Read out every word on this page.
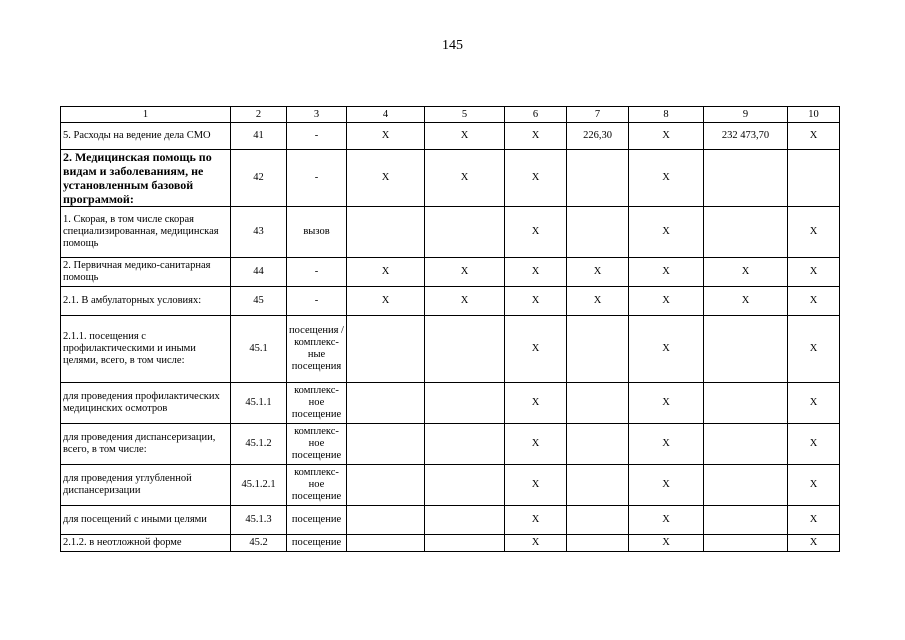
145
1	2	3	4	5	6	7	8	9	10
5. Расходы на ведение дела СМО	41	-	X	X	X	226,30	X	232 473,70	X
2. Медицинская помощь по видам и заболеваниям, не установленным базовой программой:	42	-	X	X	X		X		
1. Скорая, в том числе скорая специализированная, медицинская помощь	43	вызов			X		X		X
2. Первичная медико-санитарная помощь	44	-	X	X	X	X	X	X	X
2.1. В амбулаторных условиях:	45	-	X	X	X	X	X	X	X
2.1.1. посещения с профилактическими и иными целями, всего, в том числе:	45.1	посещения / комплекс-ные посещения			X		X		X
для проведения профилактических медицинских осмотров	45.1.1	комплекс-ное посещение			X		X		X
для проведения диспансеризации, всего, в том числе:	45.1.2	комплекс-ное посещение			X		X		X
для проведения углубленной диспансеризации	45.1.2.1	комплекс-ное посещение			X		X		X
для посещений с иными целями	45.1.3	посещение			X		X		X
2.1.2. в неотложной форме	45.2	посещение			X		X		X
